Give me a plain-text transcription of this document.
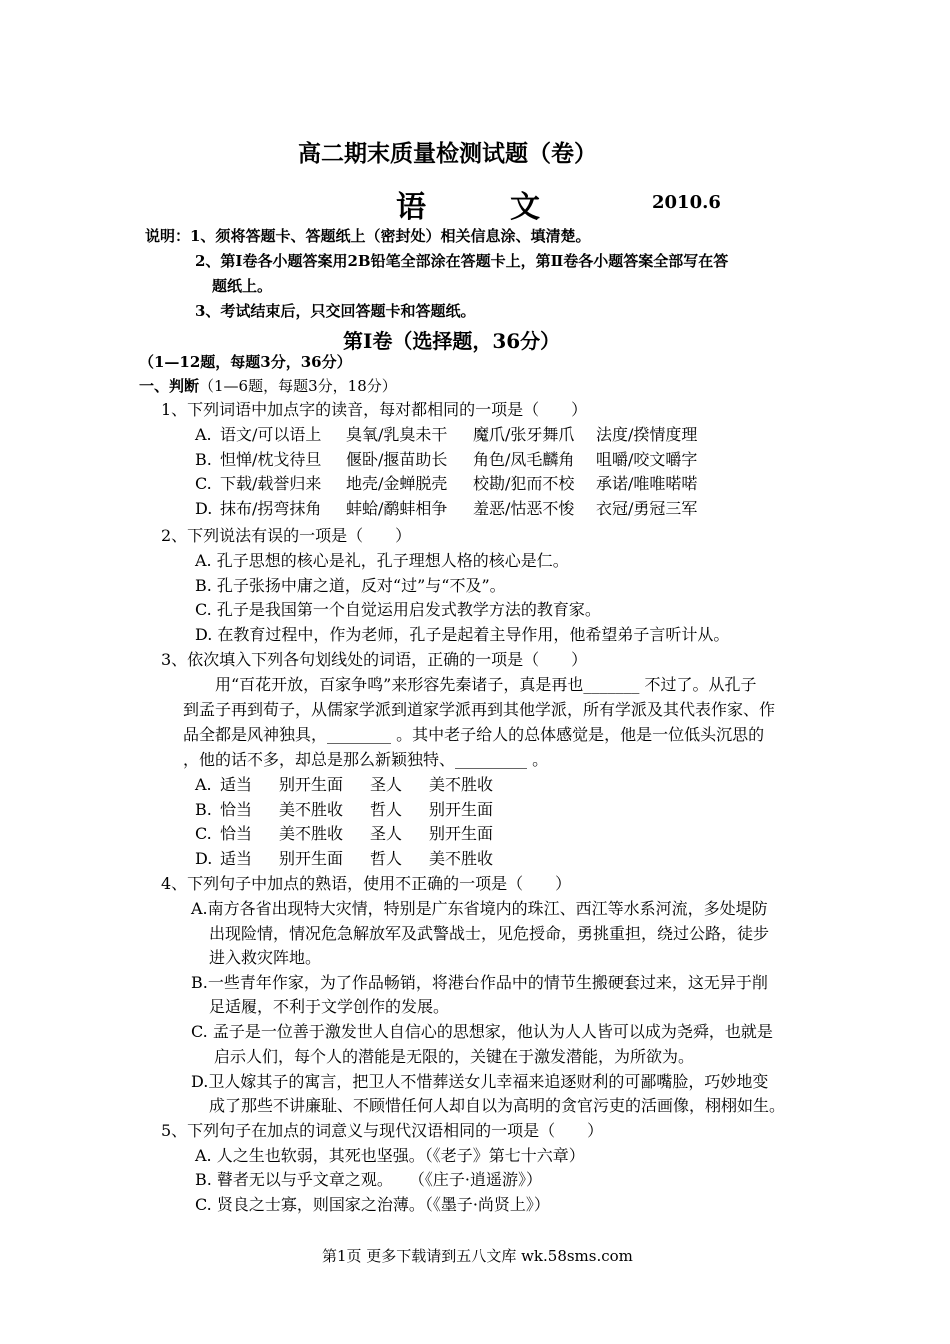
高二期末质量检测试题（卷）
语	文	2010.6
说明：1、须将答题卡、答题纸上（密封处）相关信息涂、填清楚。
2、第Ⅰ卷各小题答案用2B铅笔全部涂在答题卡上，第Ⅱ卷各小题答案全部写在答
题纸上。
3、考试结束后，只交回答题卡和答题纸。
第Ⅰ卷（选择题，36分）
（1—12题，每题3分，36分）
一、判断（1—6题，每题3分，18分）
1、下列词语中加点字的读音，每对都相同的一项是（　　）
A. 语文/可以语上 臭氧/乳臭未干 魔爪/张牙舞爪 法度/揆情度理
B. 怛惮/枕戈待旦 偃卧/揠苗助长 角色/凤毛麟角 咀嚼/咬文嚼字
C. 下载/载誉归来 地壳/金蝉脱壳 校勘/犯而不校 承诺/唯唯喏喏
D. 抹布/拐弯抹角 蚌蛤/鹬蚌相争 羞恶/怙恶不悛 衣冠/勇冠三军
2、下列说法有误的一项是（　　）
A. 孔子思想的核心是礼，孔子理想人格的核心是仁。
B. 孔子张扬中庸之道，反对“过”与“不及”。
C. 孔子是我国第一个自觉运用启发式教学方法的教育家。
D. 在教育过程中，作为老师，孔子是起着主导作用，他希望弟子言听计从。
3、依次填入下列各句划线处的词语，正确的一项是（　　）
用“百花开放，百家争鸣”来形容先秦诸子，真是再也_______ 不过了。从孔子
到孟子再到荀子，从儒家学派到道家学派再到其他学派，所有学派及其代表作家、作
品全都是风神独具，________ 。其中老子给人的总体感觉是，他是一位低头沉思的
，他的话不多，却总是那么新颖独特、_________ 。
A. 适当 别开生面 圣人 美不胜收
B. 恰当 美不胜收 哲人 别开生面
C. 恰当 美不胜收 圣人 别开生面
D. 适当 别开生面 哲人 美不胜收
4、下列句子中加点的熟语，使用不正确的一项是（　　）
A.南方各省出现特大灾情，特别是广东省境内的珠江、西江等水系河流，多处堤防
出现险情，情况危急解放军及武警战士，见危授命，勇挑重担，绕过公路，徒步
进入救灾阵地。
B.一些青年作家，为了作品畅销，将港台作品中的情节生搬硬套过来，这无异于削
足适履，不利于文学创作的发展。
C. 孟子是一位善于激发世人自信心的思想家，他认为人人皆可以成为尧舜，也就是
启示人们，每个人的潜能是无限的，关键在于激发潜能，为所欲为。
D.卫人嫁其子的寓言，把卫人不惜葬送女儿幸福来追逐财利的可鄙嘴脸，巧妙地变
成了那些不讲廉耻、不顾惜任何人却自以为高明的贪官污吏的活画像，栩栩如生。
5、下列句子在加点的词意义与现代汉语相同的一项是（　　）
A. 人之生也软弱，其死也坚强。（《老子》第七十六章）
B. 瞽者无以与乎文章之观。　　（《庄子·逍遥游》）
C. 贤良之士寡，则国家之治薄。（《墨子·尚贤上》）
第1页 更多下载请到五八文库 wk.58sms.com
